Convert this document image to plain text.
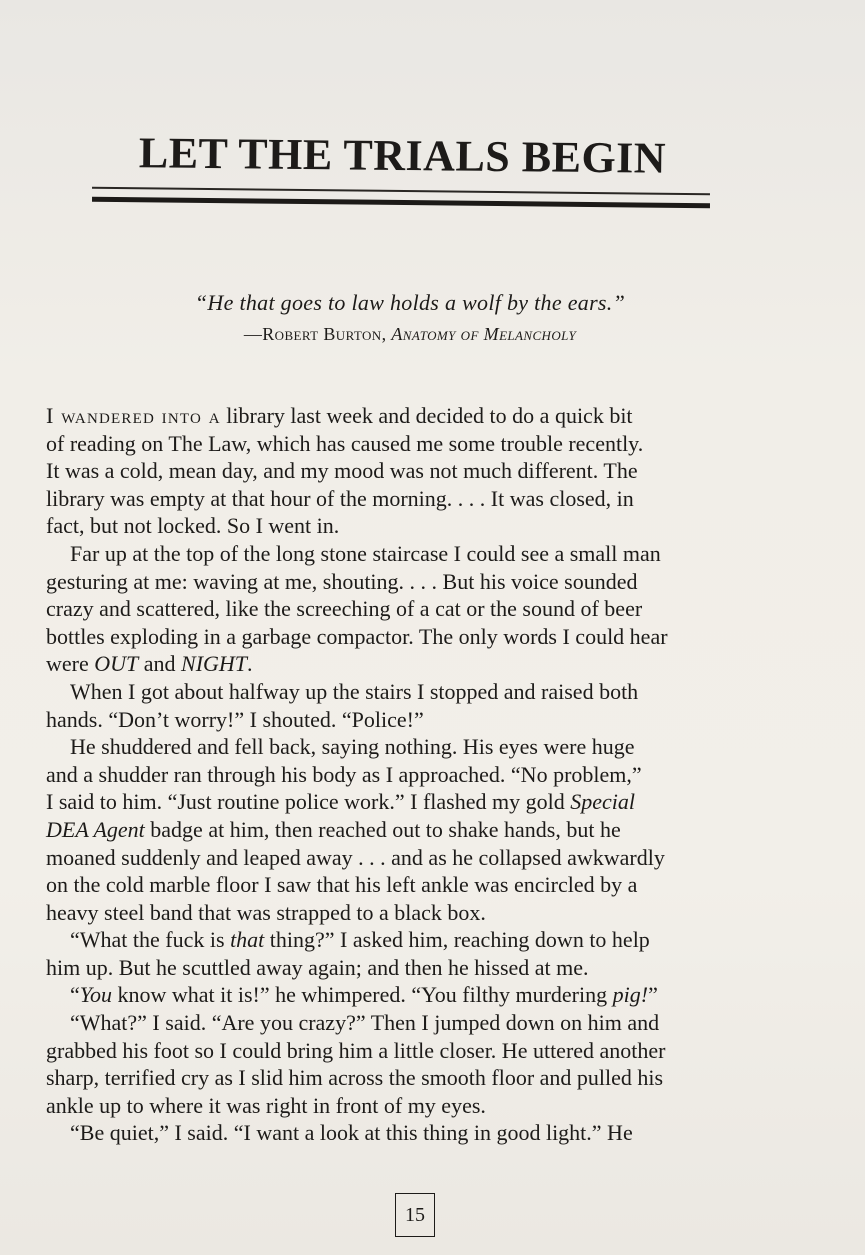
LET THE TRIALS BEGIN

“He that goes to law holds a wolf by the ears.”

—Robert Burton, Anatomy of Melancholy

I wandered into a library last week and decided to do a quick bit
of reading on The Law, which has caused me some trouble recently.
It was a cold, mean day, and my mood was not much different. The
library was empty at that hour of the morning. . . . It was closed, in
fact, but not locked. So I went in.
Far up at the top of the long stone staircase I could see a small man
gesturing at me: waving at me, shouting. . . . But his voice sounded
crazy and scattered, like the screeching of a cat or the sound of beer
bottles exploding in a garbage compactor. The only words I could hear
were OUT and NIGHT.
When I got about halfway up the stairs I stopped and raised both
hands. “Don’t worry!” I shouted. “Police!”
He shuddered and fell back, saying nothing. His eyes were huge
and a shudder ran through his body as I approached. “No problem,”
I said to him. “Just routine police work.” I flashed my gold Special
DEA Agent badge at him, then reached out to shake hands, but he
moaned suddenly and leaped away . . . and as he collapsed awkwardly
on the cold marble floor I saw that his left ankle was encircled by a
heavy steel band that was strapped to a black box.
“What the fuck is that thing?” I asked him, reaching down to help
him up. But he scuttled away again; and then he hissed at me.
“You know what it is!” he whimpered. “You filthy murdering pig!”
“What?” I said. “Are you crazy?” Then I jumped down on him and
grabbed his foot so I could bring him a little closer. He uttered another
sharp, terrified cry as I slid him across the smooth floor and pulled his
ankle up to where it was right in front of my eyes.
“Be quiet,” I said. “I want a look at this thing in good light.” He
15
